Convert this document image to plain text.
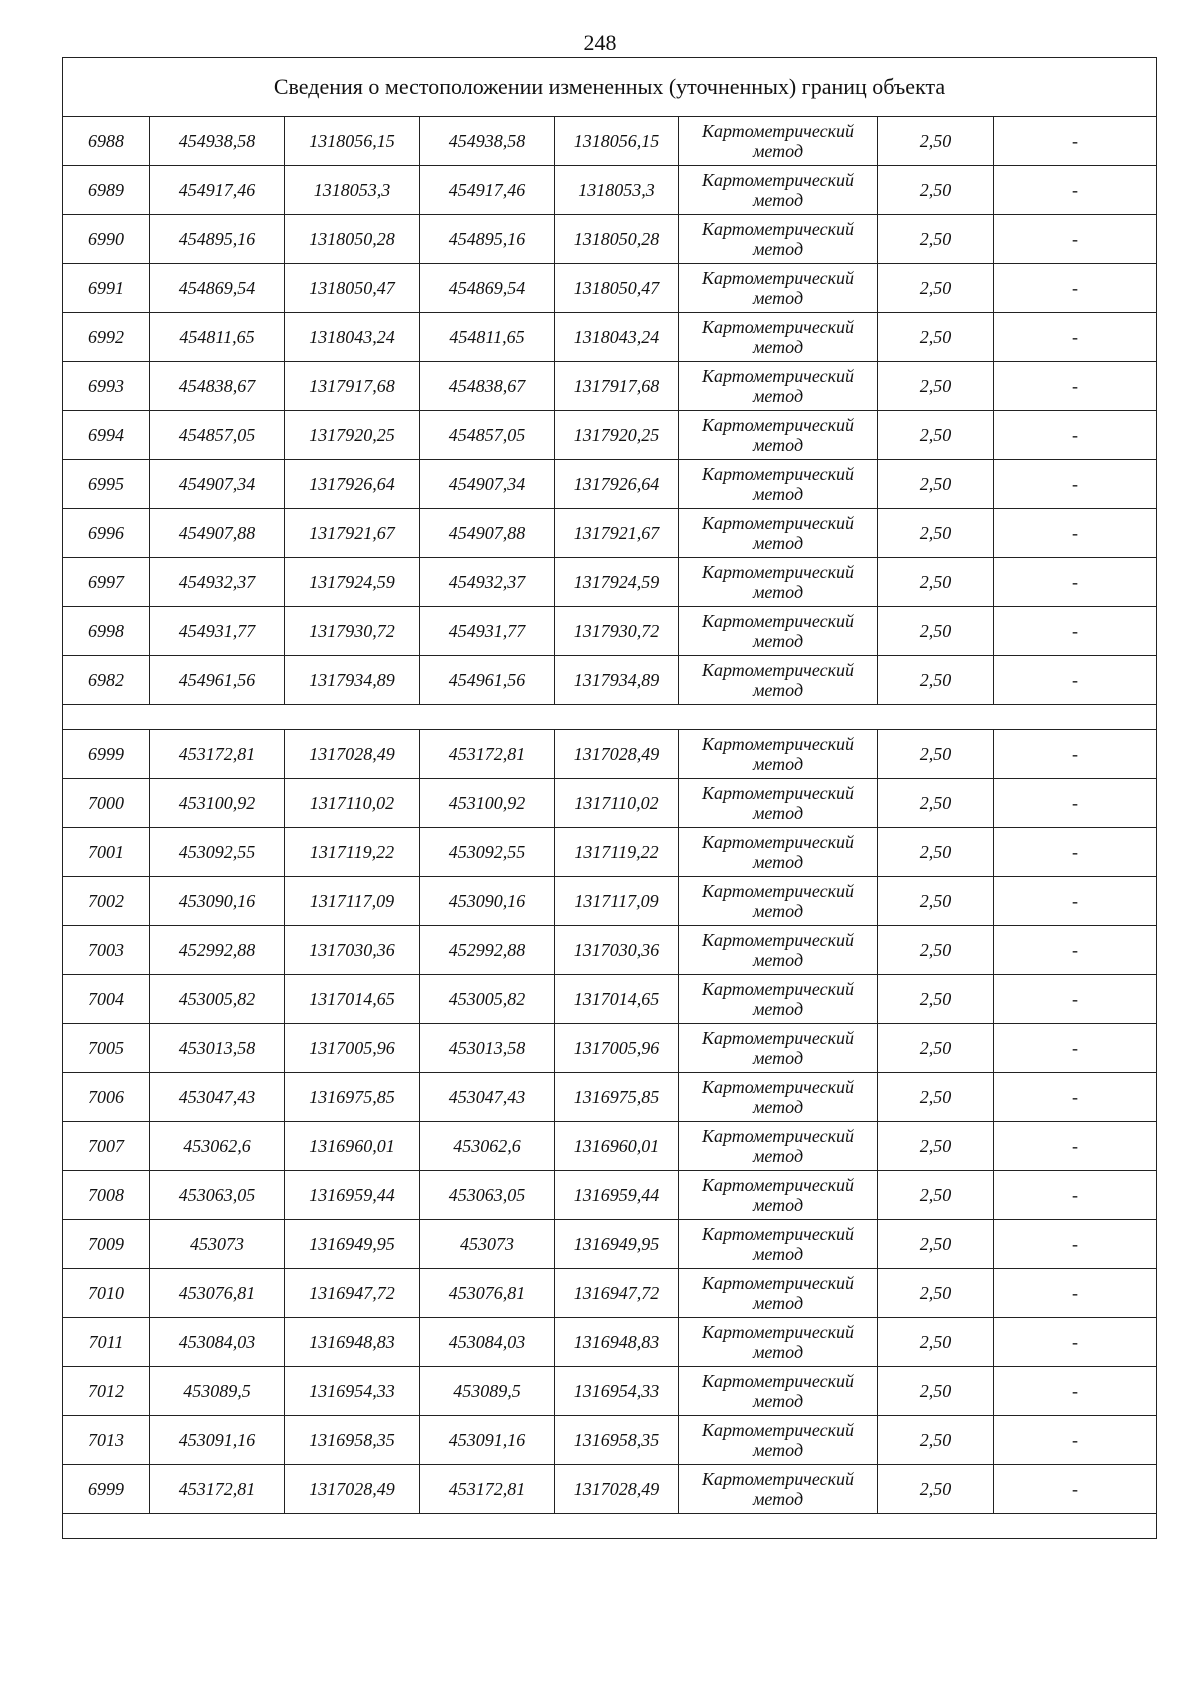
248
Сведения о местоположении измененных (уточненных) границ объекта							
6988	454938,58	1318056,15	454938,58	1318056,15	Картометрический метод	2,50	-
6989	454917,46	1318053,3	454917,46	1318053,3	Картометрический метод	2,50	-
6990	454895,16	1318050,28	454895,16	1318050,28	Картометрический метод	2,50	-
6991	454869,54	1318050,47	454869,54	1318050,47	Картометрический метод	2,50	-
6992	454811,65	1318043,24	454811,65	1318043,24	Картометрический метод	2,50	-
6993	454838,67	1317917,68	454838,67	1317917,68	Картометрический метод	2,50	-
6994	454857,05	1317920,25	454857,05	1317920,25	Картометрический метод	2,50	-
6995	454907,34	1317926,64	454907,34	1317926,64	Картометрический метод	2,50	-
6996	454907,88	1317921,67	454907,88	1317921,67	Картометрический метод	2,50	-
6997	454932,37	1317924,59	454932,37	1317924,59	Картометрический метод	2,50	-
6998	454931,77	1317930,72	454931,77	1317930,72	Картометрический метод	2,50	-
6982	454961,56	1317934,89	454961,56	1317934,89	Картометрический метод	2,50	-

6999	453172,81	1317028,49	453172,81	1317028,49	Картометрический метод	2,50	-
7000	453100,92	1317110,02	453100,92	1317110,02	Картометрический метод	2,50	-
7001	453092,55	1317119,22	453092,55	1317119,22	Картометрический метод	2,50	-
7002	453090,16	1317117,09	453090,16	1317117,09	Картометрический метод	2,50	-
7003	452992,88	1317030,36	452992,88	1317030,36	Картометрический метод	2,50	-
7004	453005,82	1317014,65	453005,82	1317014,65	Картометрический метод	2,50	-
7005	453013,58	1317005,96	453013,58	1317005,96	Картометрический метод	2,50	-
7006	453047,43	1316975,85	453047,43	1316975,85	Картометрический метод	2,50	-
7007	453062,6	1316960,01	453062,6	1316960,01	Картометрический метод	2,50	-
7008	453063,05	1316959,44	453063,05	1316959,44	Картометрический метод	2,50	-
7009	453073	1316949,95	453073	1316949,95	Картометрический метод	2,50	-
7010	453076,81	1316947,72	453076,81	1316947,72	Картометрический метод	2,50	-
7011	453084,03	1316948,83	453084,03	1316948,83	Картометрический метод	2,50	-
7012	453089,5	1316954,33	453089,5	1316954,33	Картометрический метод	2,50	-
7013	453091,16	1316958,35	453091,16	1316958,35	Картометрический метод	2,50	-
6999	453172,81	1317028,49	453172,81	1317028,49	Картометрический метод	2,50	-
